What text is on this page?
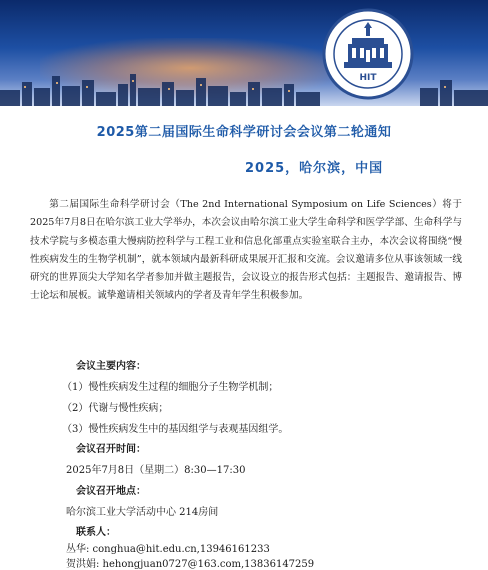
HIT
2025第二届国际生命科学研讨会会议第二轮通知
2025，哈尔滨，中国
第二届国际生命科学研讨会（The 2nd International Symposium on Life Sciences）将于2025年7月8日在哈尔滨工业大学举办，本次会议由哈尔滨工业大学生命科学和医学学部、生命科学与技术学院与多模态重大慢病防控科学与工程工业和信息化部重点实验室联合主办，本次会议将围绕“慢性疾病发生的生物学机制”，就本领域内最新科研成果展开汇报和交流。会议邀请多位从事该领域一线研究的世界顶尖大学知名学者参加并做主题报告，会议设立的报告形式包括：主题报告、邀请报告、博士论坛和展板。诚挚邀请相关领域内的学者及青年学生积极参加。
会议主要内容：
（1）慢性疾病发生过程的细胞分子生物学机制；
（2）代谢与慢性疾病；
（3）慢性疾病发生中的基因组学与表观基因组学。
会议召开时间：
2025年7月8日（星期二）8:30—17:30
会议召开地点：
哈尔滨工业大学活动中心 214房间
联系人：
丛华: conghua@hit.edu.cn,13946161233
贺洪娟: hehongjuan0727@163.com,13836147259
